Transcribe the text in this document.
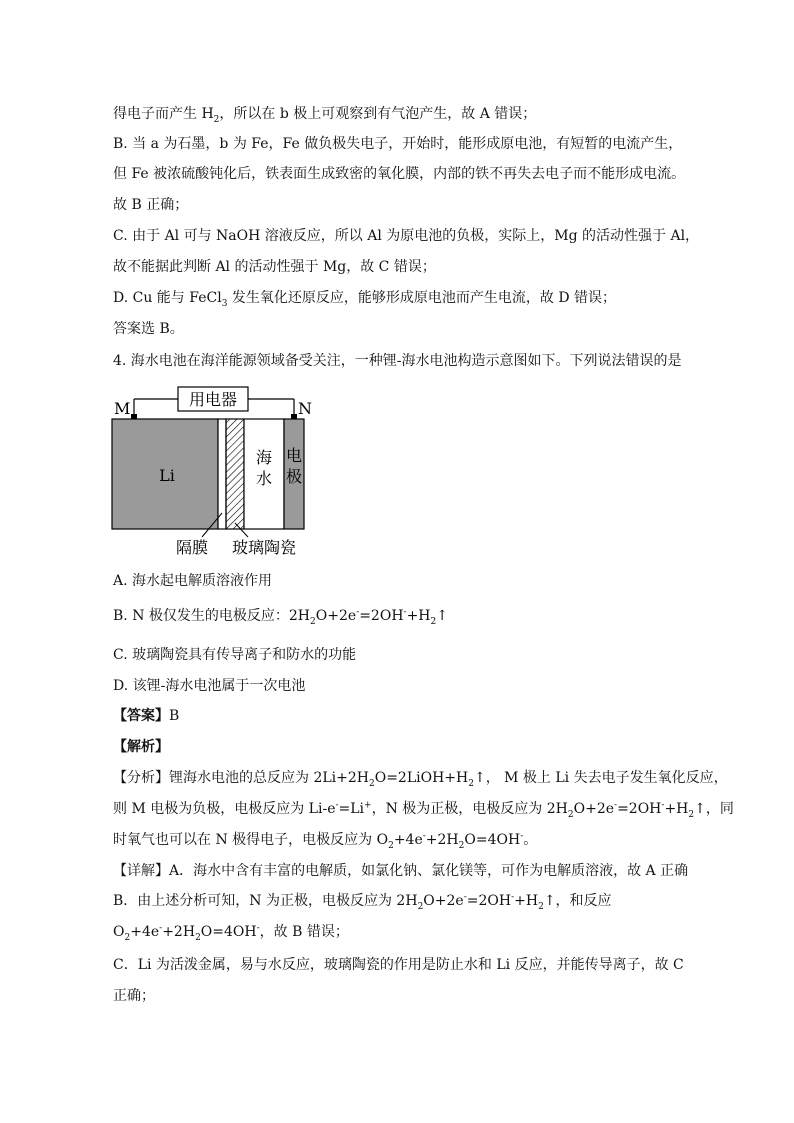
得电子而产生 $H_2$，所以在 b 极上可观察到有气泡产生，故 A 错误；
B. 当 a 为石墨，b 为 Fe，Fe 做负极失电子，开始时，能形成原电池，有短暂的电流产生，
但 Fe 被浓硫酸钝化后，铁表面生成致密的氧化膜，内部的铁不再失去电子而不能形成电流。
故 B 正确；
C. 由于 Al 可与 NaOH 溶液反应，所以 Al 为原电池的负极，实际上，Mg 的活动性强于 Al，
故不能据此判断 Al 的活动性强于 Mg，故 C 错误；
D. Cu 能与 FeCl$_3$ 发生氧化还原反应，能够形成原电池而产生电流，故 D 错误；
答案选 B。
4. 海水电池在海洋能源领域备受关注，一种锂-海水电池构造示意图如下。下列说法错误的是
用电器
M	N
Li
海
水
电
极
隔膜 玻璃陶瓷
A. 海水起电解质溶液作用
B. N 极仅发生的电极反应：$2H_2O+2e^-=2OH^-+H_2↑$
C. 玻璃陶瓷具有传导离子和防水的功能
D. 该锂-海水电池属于一次电池
【答案】B
【解析】
【分析】锂海水电池的总反应为 $2Li+2H_2O=2LiOH+H_2↑$， M 极上 Li 失去电子发生氧化反应，
则 M 电极为负极，电极反应为 Li-e-=Li+，N 极为正极，电极反应为 $2H_2O+2e^-=2OH^-+H_2↑$，同
时氧气也可以在 N 极得电子，电极反应为 $O_2+4e^-+2H_2O=4OH^-$。
【详解】A．海水中含有丰富的电解质，如氯化钠、氯化镁等，可作为电解质溶液，故 A 正确
B．由上述分析可知，N 为正极，电极反应为 $2H_2O+2e^-=2OH^-+H_2↑$，和反应
$O_2+4e^-+2H_2O=4OH^-$，故 B 错误；
C．Li 为活泼金属，易与水反应，玻璃陶瓷的作用是防止水和 Li 反应，并能传导离子，故 C
正确；
